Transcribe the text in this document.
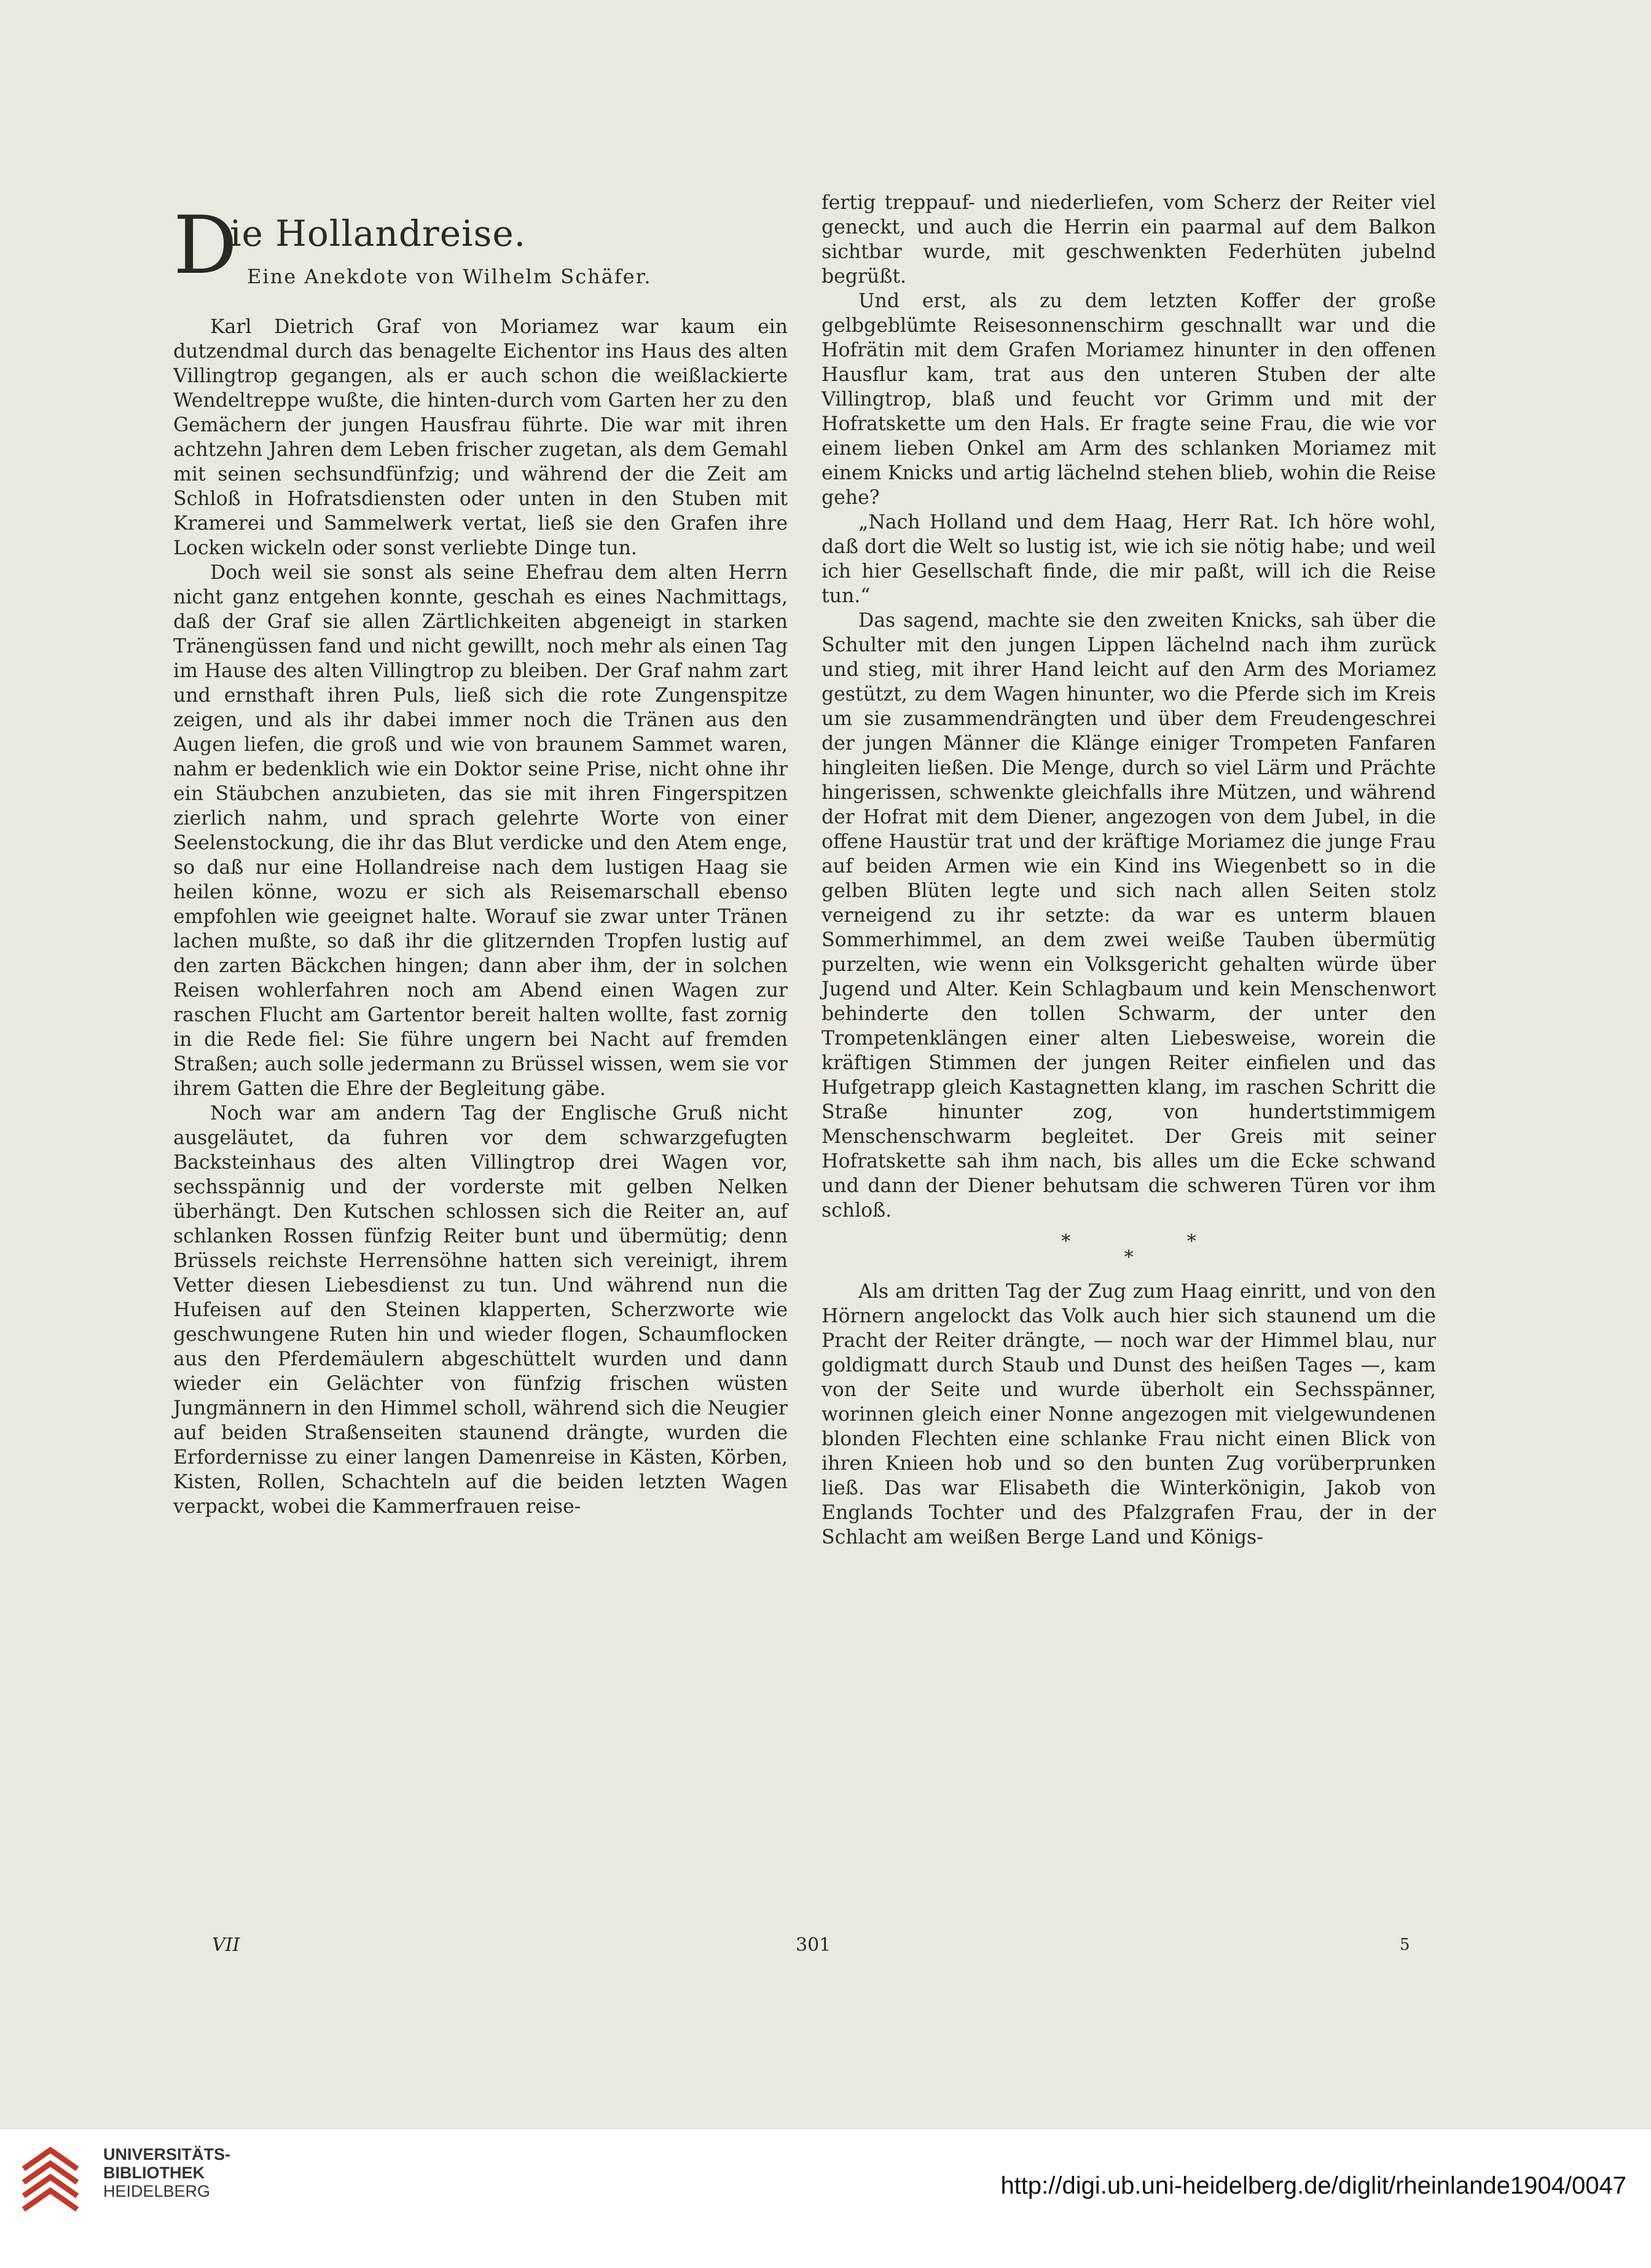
D
ie Hollandreise.
Eine Anekdote von Wilhelm Schäfer.

Karl Dietrich Graf von Moriamez war kaum ein dutzendmal durch das benagelte Eichentor ins Haus des alten Villingtrop gegangen, als er auch schon die weißlackierte Wendeltreppe wußte, die hinten-durch vom Garten her zu den Gemächern der jungen Hausfrau führte. Die war mit ihren achtzehn Jahren dem Leben frischer zugetan, als dem Gemahl mit seinen sechsundfünfzig; und während der die Zeit am Schloß in Hofratsdiensten oder unten in den Stuben mit Kramerei und Sammelwerk vertat, ließ sie den Grafen ihre Locken wickeln oder sonst verliebte Dinge tun.

Doch weil sie sonst als seine Ehefrau dem alten Herrn nicht ganz entgehen konnte, geschah es eines Nachmittags, daß der Graf sie allen Zärtlichkeiten abgeneigt in starken Tränengüssen fand und nicht gewillt, noch mehr als einen Tag im Hause des alten Villingtrop zu bleiben. Der Graf nahm zart und ernsthaft ihren Puls, ließ sich die rote Zungenspitze zeigen, und als ihr dabei immer noch die Tränen aus den Augen liefen, die groß und wie von braunem Sammet waren, nahm er bedenklich wie ein Doktor seine Prise, nicht ohne ihr ein Stäubchen anzubieten, das sie mit ihren Fingerspitzen zierlich nahm, und sprach gelehrte Worte von einer Seelenstockung, die ihr das Blut verdicke und den Atem enge, so daß nur eine Hollandreise nach dem lustigen Haag sie heilen könne, wozu er sich als Reisemarschall ebenso empfohlen wie geeignet halte. Worauf sie zwar unter Tränen lachen mußte, so daß ihr die glitzernden Tropfen lustig auf den zarten Bäckchen hingen; dann aber ihm, der in solchen Reisen wohlerfahren noch am Abend einen Wagen zur raschen Flucht am Gartentor bereit halten wollte, fast zornig in die Rede fiel: Sie führe ungern bei Nacht auf fremden Straßen; auch solle jedermann zu Brüssel wissen, wem sie vor ihrem Gatten die Ehre der Begleitung gäbe.

Noch war am andern Tag der Englische Gruß nicht ausgeläutet, da fuhren vor dem schwarzgefugten Backsteinhaus des alten Villingtrop drei Wagen vor, sechsspännig und der vorderste mit gelben Nelken überhängt. Den Kutschen schlossen sich die Reiter an, auf schlanken Rossen fünfzig Reiter bunt und übermütig; denn Brüssels reichste Herrensöhne hatten sich vereinigt, ihrem Vetter diesen Liebesdienst zu tun. Und während nun die Hufeisen auf den Steinen klapperten, Scherzworte wie geschwungene Ruten hin und wieder flogen, Schaumflocken aus den Pferdemäulern abgeschüttelt wurden und dann wieder ein Gelächter von fünfzig frischen wüsten Jungmännern in den Himmel scholl, während sich die Neugier auf beiden Straßenseiten staunend drängte, wurden die Erfordernisse zu einer langen Damenreise in Kästen, Körben, Kisten, Rollen, Schachteln auf die beiden letzten Wagen verpackt, wobei die Kammerfrauen reise-

fertig treppauf- und niederliefen, vom Scherz der Reiter viel geneckt, und auch die Herrin ein paarmal auf dem Balkon sichtbar wurde, mit geschwenkten Federhüten jubelnd begrüßt.

Und erst, als zu dem letzten Koffer der große gelbgeblümte Reisesonnenschirm geschnallt war und die Hofrätin mit dem Grafen Moriamez hinunter in den offenen Hausflur kam, trat aus den unteren Stuben der alte Villingtrop, blaß und feucht vor Grimm und mit der Hofratskette um den Hals. Er fragte seine Frau, die wie vor einem lieben Onkel am Arm des schlanken Moriamez mit einem Knicks und artig lächelnd stehen blieb, wohin die Reise gehe?

„Nach Holland und dem Haag, Herr Rat. Ich höre wohl, daß dort die Welt so lustig ist, wie ich sie nötig habe; und weil ich hier Gesellschaft finde, die mir paßt, will ich die Reise tun.“

Das sagend, machte sie den zweiten Knicks, sah über die Schulter mit den jungen Lippen lächelnd nach ihm zurück und stieg, mit ihrer Hand leicht auf den Arm des Moriamez gestützt, zu dem Wagen hinunter, wo die Pferde sich im Kreis um sie zusammendrängten und über dem Freudengeschrei der jungen Männer die Klänge einiger Trompeten Fanfaren hingleiten ließen. Die Menge, durch so viel Lärm und Prächte hingerissen, schwenkte gleichfalls ihre Mützen, und während der Hofrat mit dem Diener, angezogen von dem Jubel, in die offene Haustür trat und der kräftige Moriamez die junge Frau auf beiden Armen wie ein Kind ins Wiegenbett so in die gelben Blüten legte und sich nach allen Seiten stolz verneigend zu ihr setzte: da war es unterm blauen Sommerhimmel, an dem zwei weiße Tauben übermütig purzelten, wie wenn ein Volksgericht gehalten würde über Jugend und Alter. Kein Schlagbaum und kein Menschenwort behinderte den tollen Schwarm, der unter den Trompetenklängen einer alten Liebesweise, worein die kräftigen Stimmen der jungen Reiter einfielen und das Hufgetrapp gleich Kastagnetten klang, im raschen Schritt die Straße hinunter zog, von hundertstimmigem Menschenschwarm begleitet. Der Greis mit seiner Hofratskette sah ihm nach, bis alles um die Ecke schwand und dann der Diener behutsam die schweren Türen vor ihm schloß.

* *
*

Als am dritten Tag der Zug zum Haag einritt, und von den Hörnern angelockt das Volk auch hier sich staunend um die Pracht der Reiter drängte, — noch war der Himmel blau, nur goldigmatt durch Staub und Dunst des heißen Tages —, kam von der Seite und wurde überholt ein Sechsspänner, worinnen gleich einer Nonne angezogen mit vielgewundenen blonden Flechten eine schlanke Frau nicht einen Blick von ihren Knieen hob und so den bunten Zug vorüberprunken ließ. Das war Elisabeth die Winterkönigin, Jakob von Englands Tochter und des Pfalzgrafen Frau, der in der Schlacht am weißen Berge Land und Königs-

VII	301	5
UNIVERSITÄTS-
BIBLIOTHEK
HEIDELBERG	http://digi.ub.uni-heidelberg.de/diglit/rheinlande1904/0047
